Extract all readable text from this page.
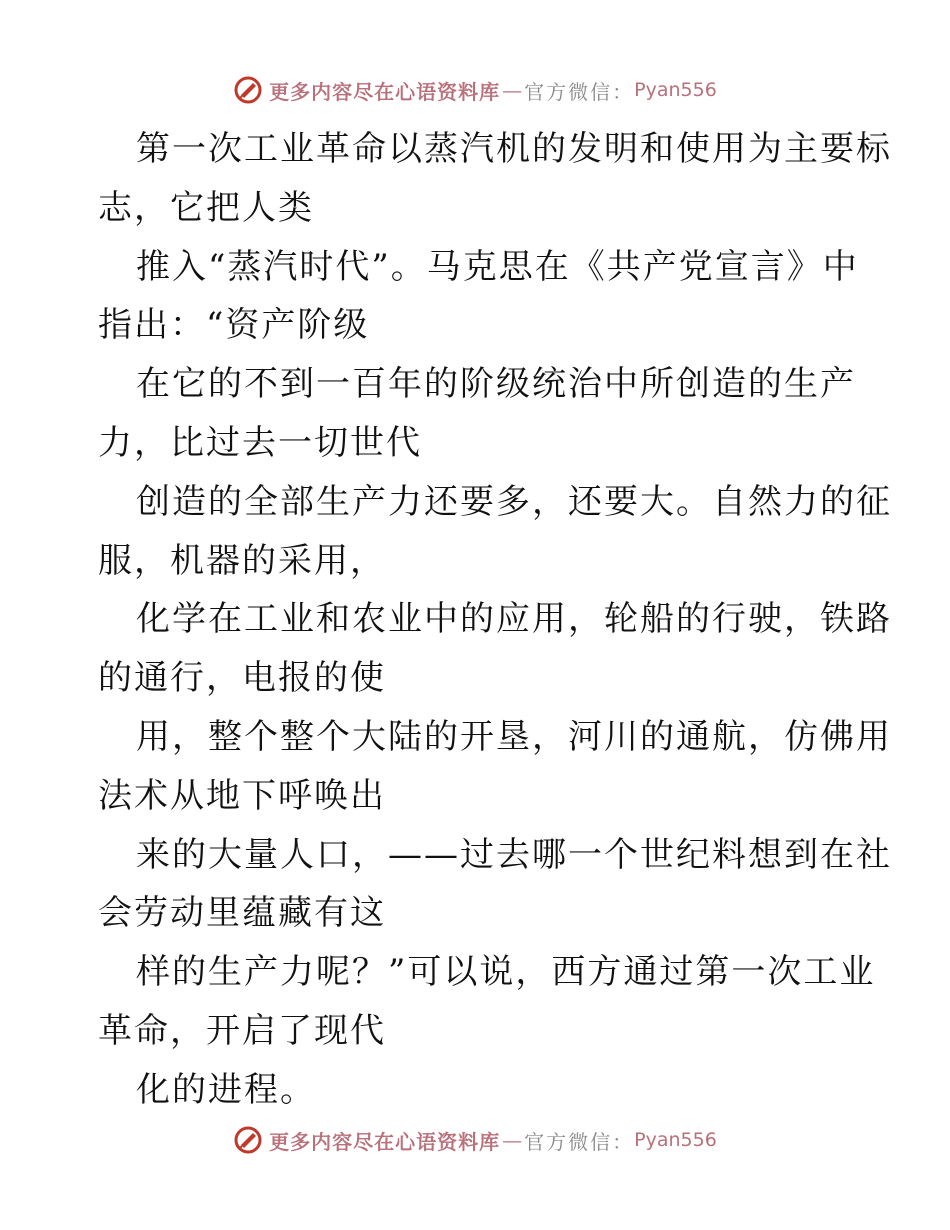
更多内容尽在心语资料库 — 官方微信： Pyan556
第一次工业革命以蒸汽机的发明和使用为主要标
志，它把人类
推入“蒸汽时代”。马克思在《共产党宣言》中
指出：“资产阶级
在它的不到一百年的阶级统治中所创造的生产
力，比过去一切世代
创造的全部生产力还要多，还要大。自然力的征
服，机器的采用，
化学在工业和农业中的应用，轮船的行驶，铁路
的通行，电报的使
用，整个整个大陆的开垦，河川的通航，仿佛用
法术从地下呼唤出
来的大量人口，——过去哪一个世纪料想到在社
会劳动里蕴藏有这
样的生产力呢？”可以说，西方通过第一次工业
革命，开启了现代
化的进程。
更多内容尽在心语资料库 — 官方微信： Pyan556
